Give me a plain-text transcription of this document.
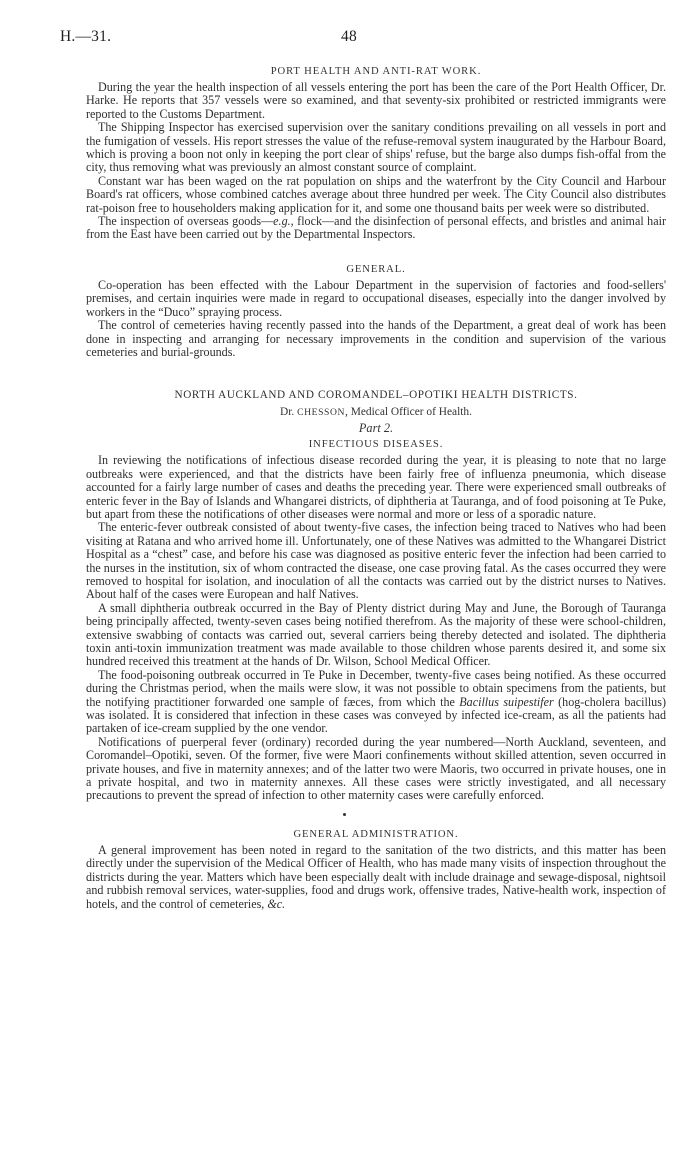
H.—31.	48
PORT HEALTH AND ANTI-RAT WORK.

During the year the health inspection of all vessels entering the port has been the care of the Port Health Officer, Dr. Harke. He reports that 357 vessels were so examined, and that seventy-six prohibited or restricted immigrants were reported to the Customs Department.

The Shipping Inspector has exercised supervision over the sanitary conditions prevailing on all vessels in port and the fumigation of vessels. His report stresses the value of the refuse-removal system inaugurated by the Harbour Board, which is proving a boon not only in keeping the port clear of ships' refuse, but the barge also dumps fish-offal from the city, thus removing what was previously an almost constant source of complaint.

Constant war has been waged on the rat population on ships and the waterfront by the City Council and Harbour Board's rat officers, whose combined catches average about three hundred per week. The City Council also distributes rat-poison free to householders making application for it, and some one thousand baits per week were so distributed.

The inspection of overseas goods—e.g., flock—and the disinfection of personal effects, and bristles and animal hair from the East have been carried out by the Departmental Inspectors.

GENERAL.

Co-operation has been effected with the Labour Department in the supervision of factories and food-sellers' premises, and certain inquiries were made in regard to occupational diseases, especially into the danger involved by workers in the “Duco” spraying process.

The control of cemeteries having recently passed into the hands of the Department, a great deal of work has been done in inspecting and arranging for necessary improvements in the condition and supervision of the various cemeteries and burial-grounds.

NORTH AUCKLAND AND COROMANDEL–OPOTIKI HEALTH DISTRICTS.
Dr. CHESSON, Medical Officer of Health.
Part 2.
INFECTIOUS DISEASES.

In reviewing the notifications of infectious disease recorded during the year, it is pleasing to note that no large outbreaks were experienced, and that the districts have been fairly free of influenza pneumonia, which disease accounted for a fairly large number of cases and deaths the preceding year. There were experienced small outbreaks of enteric fever in the Bay of Islands and Whangarei districts, of diphtheria at Tauranga, and of food poisoning at Te Puke, but apart from these the notifications of other diseases were normal and more or less of a sporadic nature.

The enteric-fever outbreak consisted of about twenty-five cases, the infection being traced to Natives who had been visiting at Ratana and who arrived home ill. Unfortunately, one of these Natives was admitted to the Whangarei District Hospital as a “chest” case, and before his case was diagnosed as positive enteric fever the infection had been carried to the nurses in the institution, six of whom contracted the disease, one case proving fatal. As the cases occurred they were removed to hospital for isolation, and inoculation of all the contacts was carried out by the district nurses to Natives. About half of the cases were European and half Natives.

A small diphtheria outbreak occurred in the Bay of Plenty district during May and June, the Borough of Tauranga being principally affected, twenty-seven cases being notified therefrom. As the majority of these were school-children, extensive swabbing of contacts was carried out, several carriers being thereby detected and isolated. The diphtheria toxin anti-toxin immunization treatment was made available to those children whose parents desired it, and some six hundred received this treatment at the hands of Dr. Wilson, School Medical Officer.

The food-poisoning outbreak occurred in Te Puke in December, twenty-five cases being notified. As these occurred during the Christmas period, when the mails were slow, it was not possible to obtain specimens from the patients, but the notifying practitioner forwarded one sample of fæces, from which the Bacillus suipestifer (hog-cholera bacillus) was isolated. It is considered that infection in these cases was conveyed by infected ice-cream, as all the patients had partaken of ice-cream supplied by the one vendor.

Notifications of puerperal fever (ordinary) recorded during the year numbered—North Auckland, seventeen, and Coromandel–Opotiki, seven. Of the former, five were Maori confinements without skilled attention, seven occurred in private houses, and five in maternity annexes; and of the latter two were Maoris, two occurred in private houses, one in a private hospital, and two in maternity annexes. All these cases were strictly investigated, and all necessary precautions to prevent the spread of infection to other maternity cases were carefully enforced.

GENERAL ADMINISTRATION.

A general improvement has been noted in regard to the sanitation of the two districts, and this matter has been directly under the supervision of the Medical Officer of Health, who has made many visits of inspection throughout the districts during the year. Matters which have been especially dealt with include drainage and sewage-disposal, nightsoil and rubbish removal services, water-supplies, food and drugs work, offensive trades, Native-health work, inspection of hotels, and the control of cemeteries, &c.
